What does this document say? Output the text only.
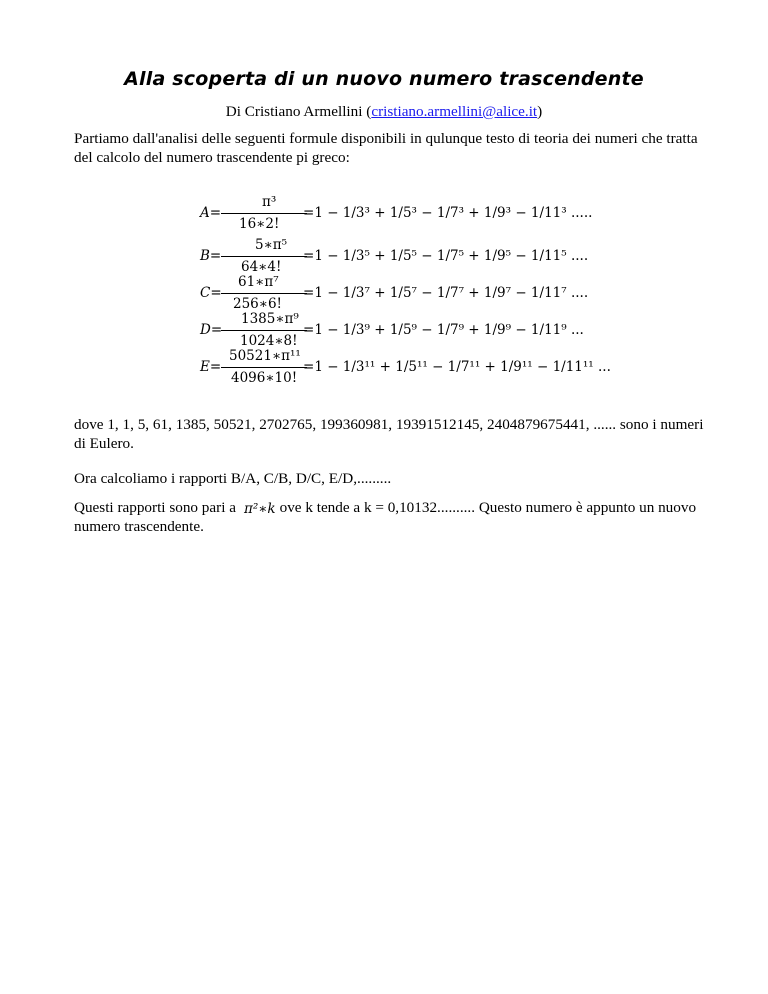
Alla scoperta di un nuovo numero trascendente
Di Cristiano Armellini (cristiano.armellini@alice.it)
Partiamo dall'analisi delle seguenti formule disponibili in qulunque testo di teoria dei numeri che tratta del calcolo del numero trascendente pi greco:
A=
π³
16∗2!
=1 − 1/3³ + 1/5³ − 1/7³ + 1/9³ − 1/11³ .....
B=
5∗π⁵
64∗4!
=1 − 1/3⁵ + 1/5⁵ − 1/7⁵ + 1/9⁵ − 1/11⁵ ....
C=
61∗π⁷
256∗6!
=1 − 1/3⁷ + 1/5⁷ − 1/7⁷ + 1/9⁷ − 1/11⁷ ....
D=
1385∗π⁹
1024∗8!
=1 − 1/3⁹ + 1/5⁹ − 1/7⁹ + 1/9⁹ − 1/11⁹ ...
E=
50521∗π¹¹
4096∗10!
=1 − 1/3¹¹ + 1/5¹¹ − 1/7¹¹ + 1/9¹¹ − 1/11¹¹ ...
dove 1, 1, 5, 61, 1385, 50521, 2702765, 199360981, 19391512145, 2404879675441, ...... sono i numeri di Eulero.
Ora calcoliamo i rapporti B/A, C/B, D/C, E/D,.........
Questi rapporti sono pari a π²∗k ove k tende a k = 0,10132.......... Questo numero è appunto un nuovo numero trascendente.
